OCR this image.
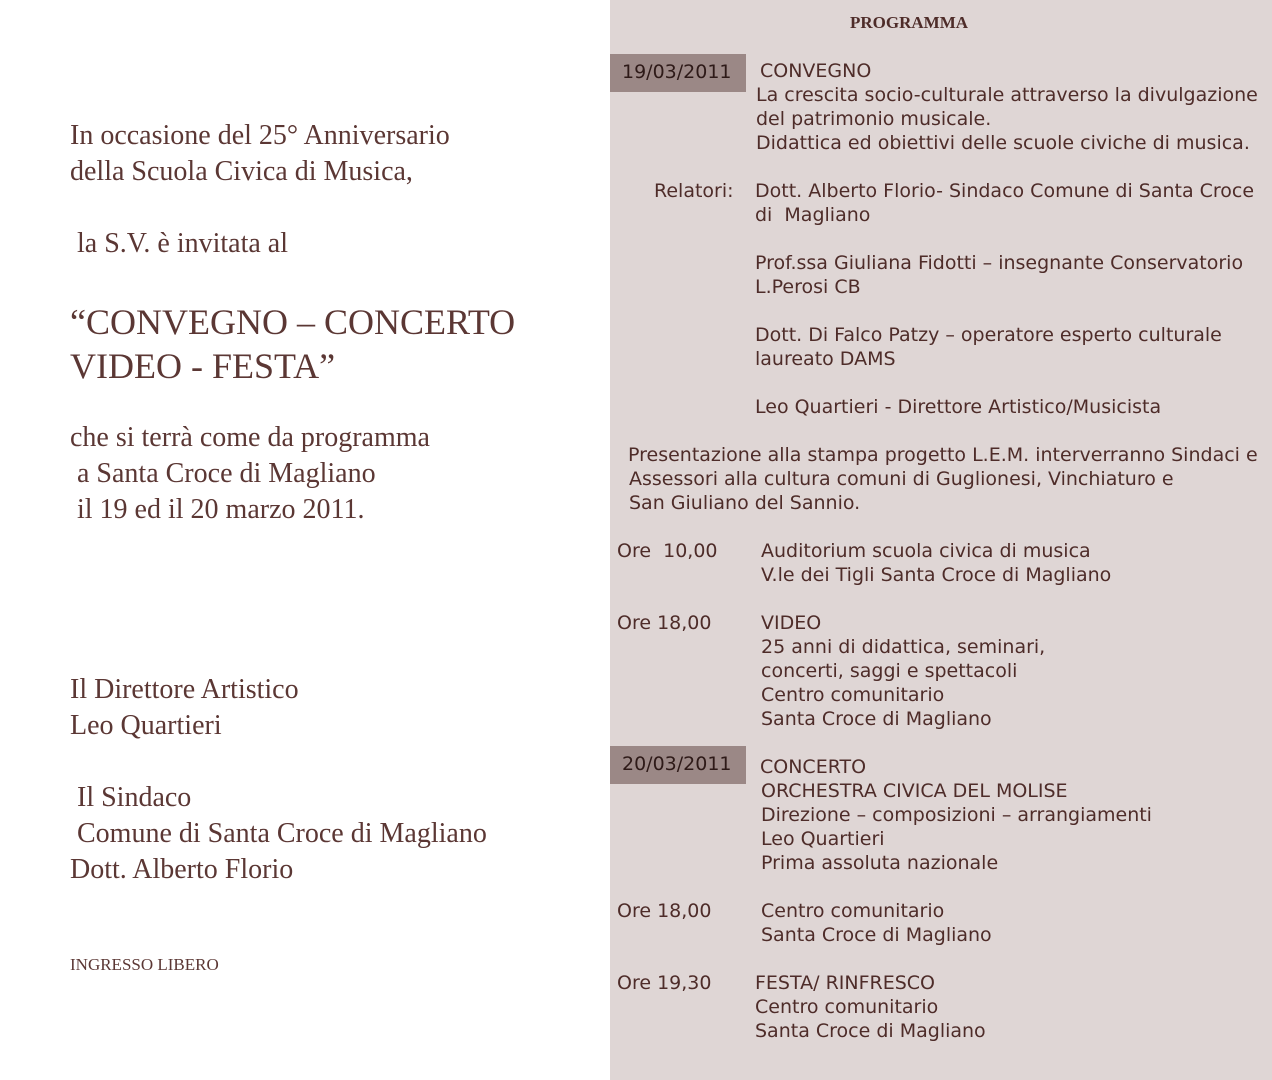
In occasione del 25° Anniversario
della Scuola Civica di Musica,
la S.V. è invitata al
“CONVEGNO – CONCERTO
VIDEO - FESTA”
che si terrà come da programma
a Santa Croce di Magliano
il 19 ed il 20 marzo 2011.
Il Direttore Artistico
Leo Quartieri
Il Sindaco
Comune di Santa Croce di Magliano
Dott. Alberto Florio
INGRESSO LIBERO
PROGRAMMA
19/03/2011 CONVEGNO
La crescita socio-culturale attraverso la divulgazione
del patrimonio musicale.
Didattica ed obiettivi delle scuole civiche di musica.
Relatori: Dott. Alberto Florio- Sindaco Comune di Santa Croce
di  Magliano
Prof.ssa Giuliana Fidotti – insegnante Conservatorio
L.Perosi CB
Dott. Di Falco Patzy – operatore esperto culturale
laureato DAMS
Leo Quartieri - Direttore Artistico/Musicista
Presentazione alla stampa progetto L.E.M. interverranno Sindaci e
Assessori alla cultura comuni di Guglionesi, Vinchiaturo e
San Giuliano del Sannio.
Ore  10,00 Auditorium scuola civica di musica
V.le dei Tigli Santa Croce di Magliano
Ore 18,00	VIDEO
25 anni di didattica, seminari,
concerti, saggi e spettacoli
Centro comunitario
Santa Croce di Magliano
20/03/2011 CONCERTO
ORCHESTRA CIVICA DEL MOLISE
Direzione – composizioni – arrangiamenti
Leo Quartieri
Prima assoluta nazionale
Ore 18,00	Centro comunitario
Santa Croce di Magliano
Ore 19,30 FESTA/ RINFRESCO
Centro comunitario
Santa Croce di Magliano
